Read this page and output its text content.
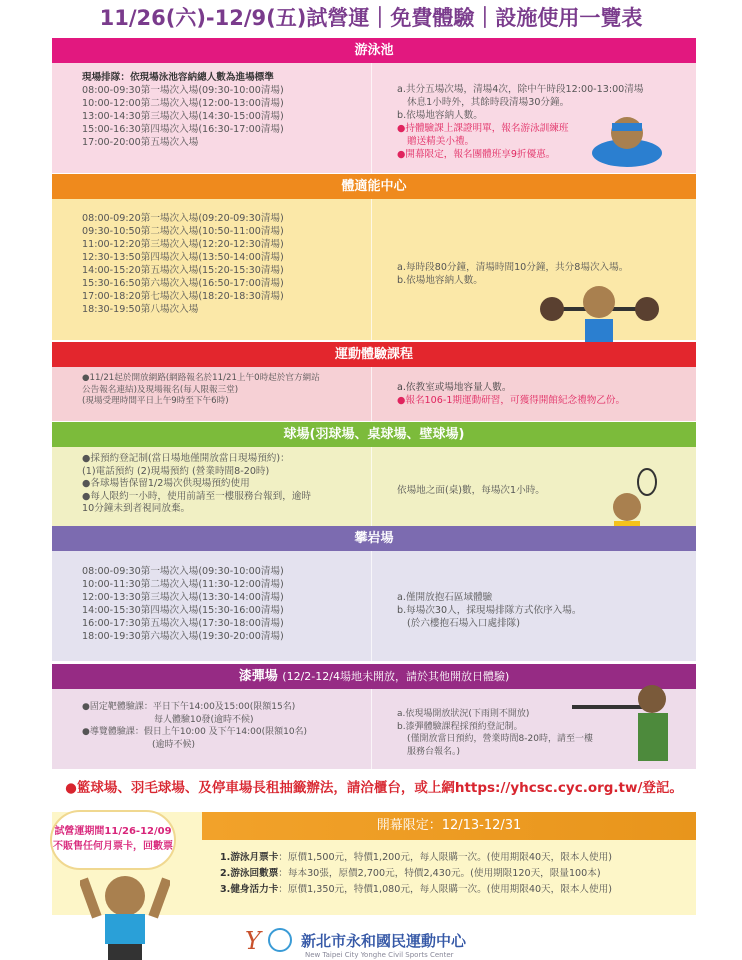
11/26(六)-12/9(五)試營運｜免費體驗｜設施使用一覽表
游泳池
現場排隊：依現場泳池容納總人數為進場標準
08:00-09:30第一場次入場(09:30-10:00清場)
10:00-12:00第二場次入場(12:00-13:00清場)
13:00-14:30第三場次入場(14:30-15:00清場)
15:00-16:30第四場次入場(16:30-17:00清場)
17:00-20:00第五場次入場
a.共分五場次場，清場4次，除中午時段12:00-13:00清場
休息1小時外，其餘時段清場30分鐘。
b.依場地容納人數。
●持體驗課上課證明單，報名游泳訓練班
贈送精美小禮。
●開幕限定，報名團體班享9折優惠。
體適能中心
08:00-09:20第一場次入場(09:20-09:30清場)
09:30-10:50第二場次入場(10:50-11:00清場)
11:00-12:20第三場次入場(12:20-12:30清場)
12:30-13:50第四場次入場(13:50-14:00清場)
14:00-15:20第五場次入場(15:20-15:30清場)
15:30-16:50第六場次入場(16:50-17:00清場)
17:00-18:20第七場次入場(18:20-18:30清場)
18:30-19:50第八場次入場
a.每時段80分鐘，清場時間10分鐘，共分8場次入場。
b.依場地容納人數。
運動體驗課程
●11/21起於開放網路(網路報名於11/21上午0時起於官方網站
公告報名連結)及現場報名(每人限報三堂)
(現場受理時間平日上午9時至下午6時)
a.依教室或場地容量人數。
●報名106-1期運動研習，可獲得開館紀念禮物乙份。
球場(羽球場、桌球場、壁球場)
●採預約登記制(當日場地僅開放當日現場預約)：
(1)電話預約 (2)現場預約 (營業時間8-20時)
●各球場皆保留1/2場次供現場預約使用
●每人限約一小時，使用前請至一樓服務台報到，逾時
10分鐘未到者視同放棄。
依場地之面(桌)數，每場次1小時。
攀岩場
08:00-09:30第一場次入場(09:30-10:00清場)
10:00-11:30第二場次入場(11:30-12:00清場)
12:00-13:30第三場次入場(13:30-14:00清場)
14:00-15:30第四場次入場(15:30-16:00清場)
16:00-17:30第五場次入場(17:30-18:00清場)
18:00-19:30第六場次入場(19:30-20:00清場)
a.僅開放抱石區域體驗
b.每場次30人，採現場排隊方式依序入場。
(於六樓抱石場入口處排隊)
漆彈場 (12/2-12/4場地未開放，請於其他開放日體驗)
●固定靶體驗課：平日下午14:00及15:00(限額15名)
每人體驗10發(逾時不候)
●導覽體驗課：假日上午10:00 及下午14:00(限額10名)
(逾時不候)
a.依現場開放狀況(下雨則不開放)
b.漆彈體驗課程採預約登記制。
(僅開放當日預約，營業時間8-20時，請至一樓
服務台報名。)
●籃球場、羽毛球場、及停車場長租抽籤辦法，請洽櫃台，或上網https://yhcsc.cyc.org.tw/登記。
開幕限定：12/13-12/31
1.游泳月票卡：原價1,500元，特價1,200元，每人限購一次。(使用期限40天，限本人使用)
2.游泳回數票：每本30張，原價2,700元，特價2,430元。(使用期限120天，限量100本)
3.健身活力卡：原價1,350元，特價1,080元，每人限購一次。(使用期限40天，限本人使用)
試營運期間11/26-12/09
不販售任何月票卡，回數票
Y	新北市永和國民運動中心
New Taipei City Yonghe Civil Sports Center
